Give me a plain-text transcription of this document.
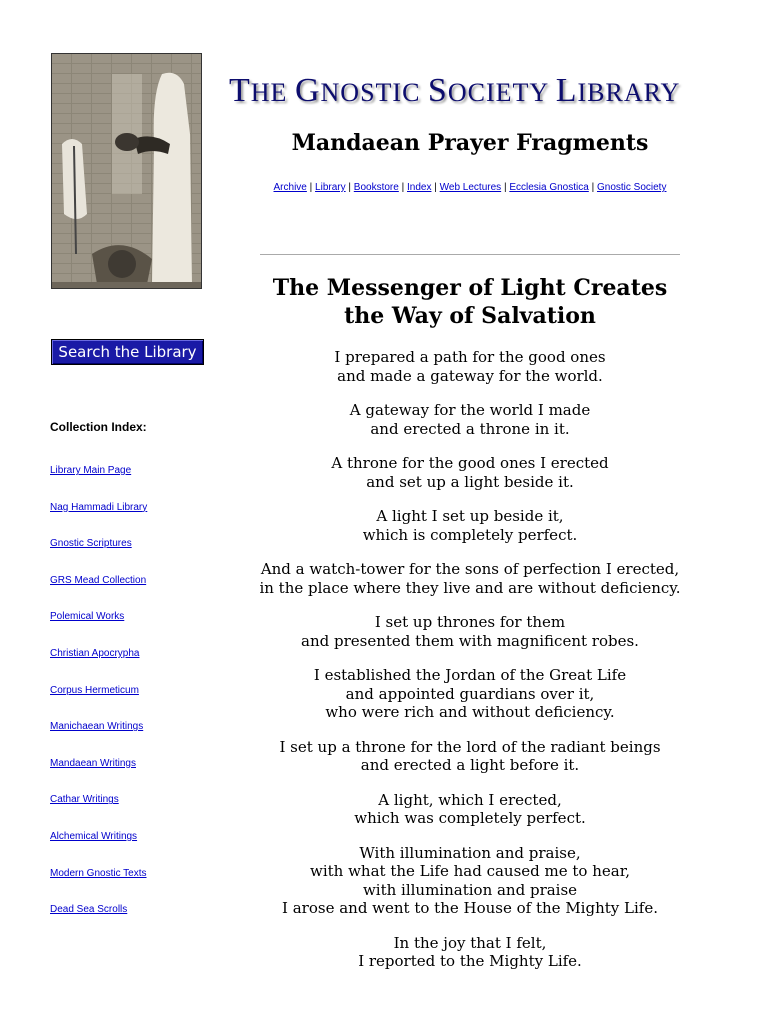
Search the Library
Collection Index:
Library Main Page
Nag Hammadi Library
Gnostic Scriptures
GRS Mead Collection
Polemical Works
Christian Apocrypha
Corpus Hermeticum
Manichaean Writings
Mandaean Writings
Cathar Writings
Alchemical Writings
Modern Gnostic Texts
Dead Sea Scrolls
THE GNOSTIC SOCIETY LIBRARY
Mandaean Prayer Fragments
Archive | Library | Bookstore | Index | Web Lectures | Ecclesia Gnostica | Gnostic Society
The Messenger of Light Creates
the Way of Salvation

I prepared a path for the good ones
and made a gateway for the world.

A gateway for the world I made
and erected a throne in it.

A throne for the good ones I erected
and set up a light beside it.

A light I set up beside it,
which is completely perfect.

And a watch-tower for the sons of perfection I erected,
in the place where they live and are without deficiency.

I set up thrones for them
and presented them with magnificent robes.

I established the Jordan of the Great Life
and appointed guardians over it,
who were rich and without deficiency.

I set up a throne for the lord of the radiant beings
and erected a light before it.

A light, which I erected,
which was completely perfect.

With illumination and praise,
with what the Life had caused me to hear,
with illumination and praise
I arose and went to the House of the Mighty Life.

In the joy that I felt,
I reported to the Mighty Life.
